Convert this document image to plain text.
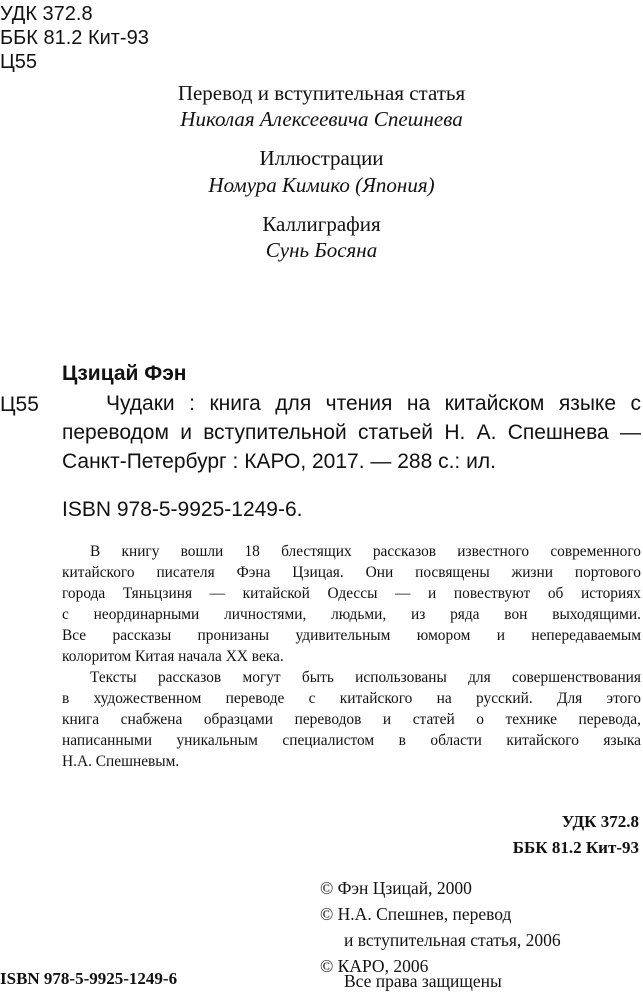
УДК 372.8
ББК 81.2 Кит-93
Ц55
Перевод и вступительная статья
Николая Алексеевича Спешнева
Иллюстрации
Номура Кимико (Япония)
Каллиграфия
Сунь Босяна
Цзицай Фэн
Ц55	Чудаки : книга для чтения на китайском языке с
переводом и вступительной статьей Н. А. Спешнева —
Санкт-Петербург : КАРО, 2017. — 288 с.: ил.
ISBN 978-5-9925-1249-6.
В книгу вошли 18 блестящих рассказов известного современного
китайского писателя Фэна Цзицая. Они посвящены жизни портового
города Тяньцзиня — китайской Одессы — и повествуют об историях
с неординарными личностями, людьми, из ряда вон выходящими.
Все рассказы пронизаны удивительным юмором и непередаваемым
колоритом Китая начала XX века.
Тексты рассказов могут быть использованы для совершенствования
в художественном переводе с китайского на русский. Для этого
книга снабжена образцами переводов и статей о технике перевода,
написанными уникальным специалистом в области китайского языка
Н.А. Спешневым.
УДК 372.8
ББК 81.2 Кит-93
© Фэн Цзицай, 2000
© Н.А. Спешнев, перевод
и вступительная статья, 2006
© КАРО, 2006
ISBN 978-5-9925-1249-6	Все права защищены
